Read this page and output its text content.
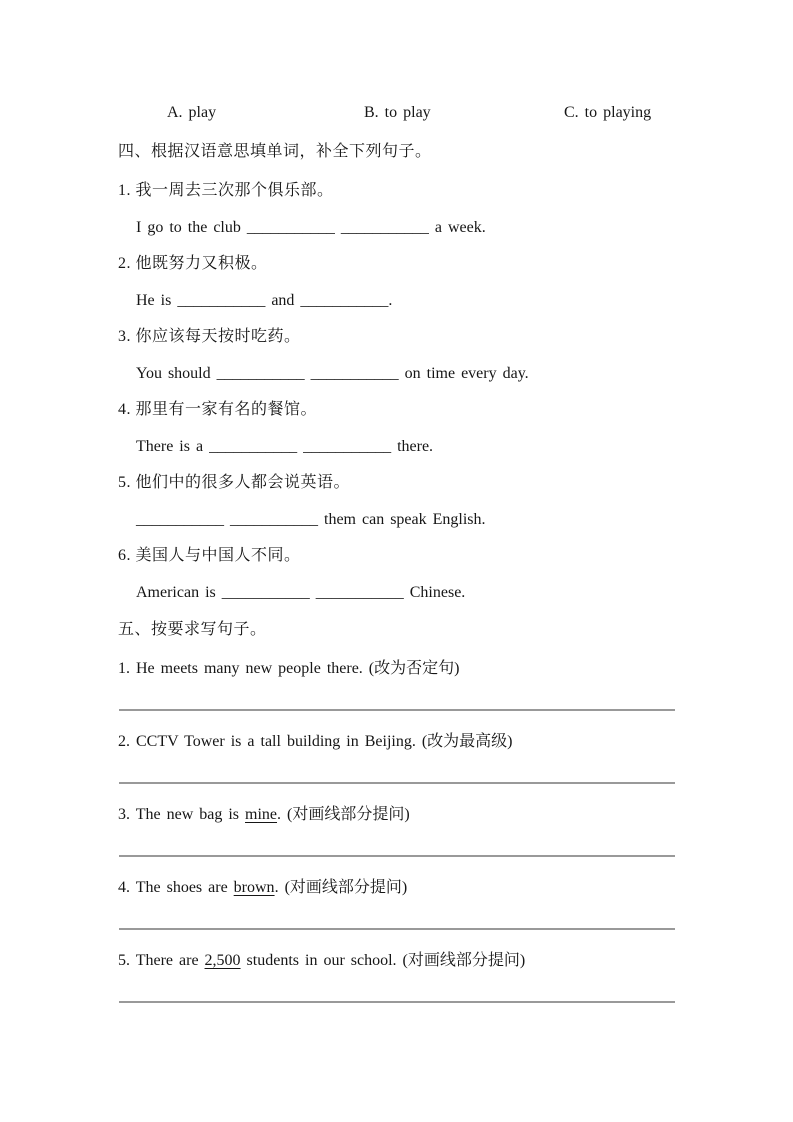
A. play	B. to play	C. to playing
四、根据汉语意思填单词，补全下列句子。
1. 我一周去三次那个俱乐部。
I go to the club ___________ ___________ a week.
2. 他既努力又积极。
He is ___________ and ___________.
3. 你应该每天按时吃药。
You should ___________ ___________ on time every day.
4. 那里有一家有名的餐馆。
There is a ___________ ___________ there.
5. 他们中的很多人都会说英语。
___________ ___________ them can speak English.
6. 美国人与中国人不同。
American is ___________ ___________ Chinese.
五、按要求写句子。
1. He meets many new people there. (改为否定句)
2. CCTV Tower is a tall building in Beijing. (改为最高级)
3. The new bag is mine. (对画线部分提问)
4. The shoes are brown. (对画线部分提问)
5. There are 2,500 students in our school. (对画线部分提问)
